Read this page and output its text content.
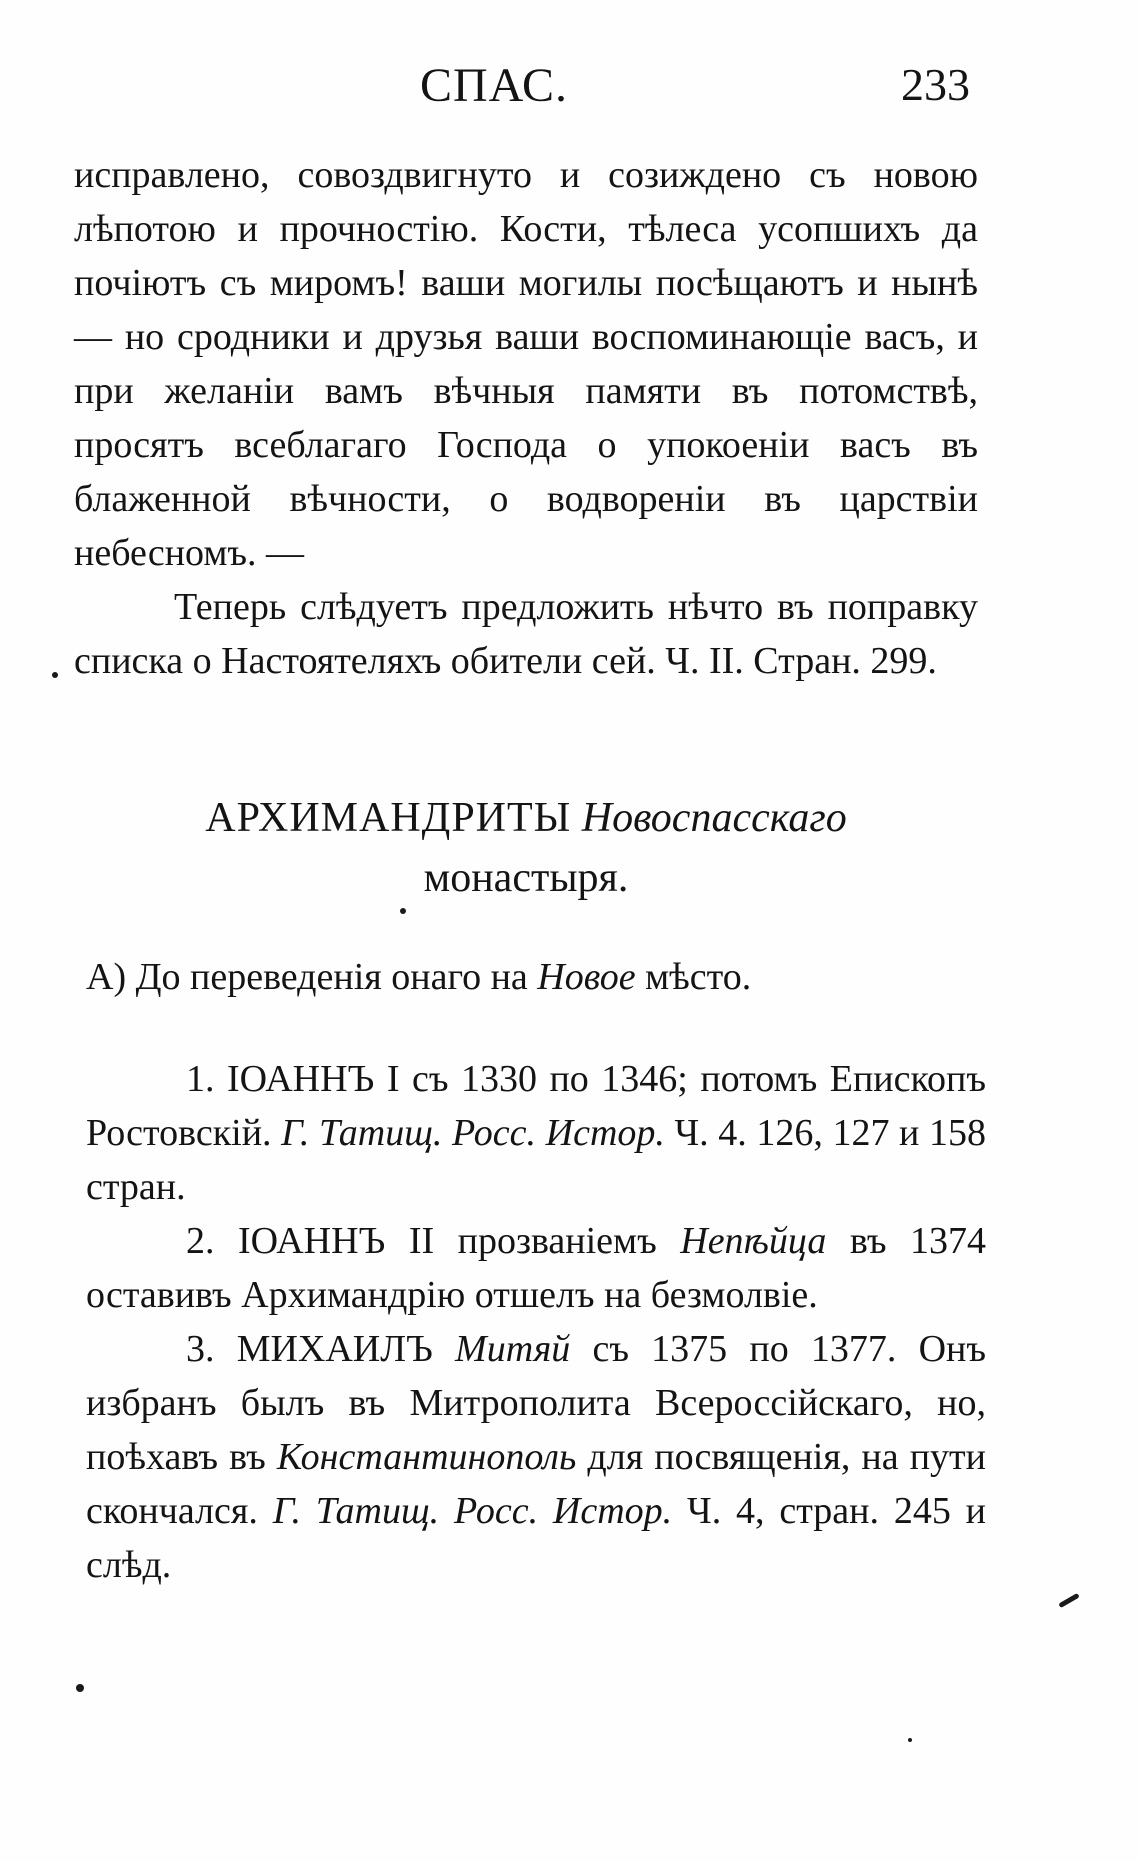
СПАС.	233

исправлено, совоздвигнуто и созиждено съ новою лѣпотою и прочностію. Кости, тѣлеса усопшихъ да почіютъ съ миромъ! ваши могилы посѣщаютъ и нынѣ — но сродники и друзья ваши воспоминающіе васъ, и при желаніи вамъ вѣчныя памяти въ потомствѣ, просятъ всеблагаго Господа о упокоеніи васъ въ блаженной вѣчности, о водвореніи въ царствіи небесномъ. —

Теперь слѣдуетъ предложить нѣчто въ поправку списка о Настоятеляхъ обители сей. Ч. II. Стран. 299.

АРХИМАНДРИТЫ Новоспасскаго
монастыря.
А) До переведенія онаго на Новое мѣсто.

1. ІОАННЪ I съ 1330 по 1346; потомъ Епископъ Ростовскій. Г. Татищ. Росс. Истор. Ч. 4. 126, 127 и 158 стран.

2. ІОАННЪ II прозваніемъ Непѣйца въ 1374 оставивъ Архимандрію отшелъ на безмолвіе.

3. МИХАИЛЪ Митяй съ 1375 по 1377. Онъ избранъ былъ въ Митрополита Всероссійскаго, но, поѣхавъ въ Константинополь для посвященія, на пути скончался. Г. Татищ. Росс. Истор. Ч. 4, стран. 245 и слѣд.
